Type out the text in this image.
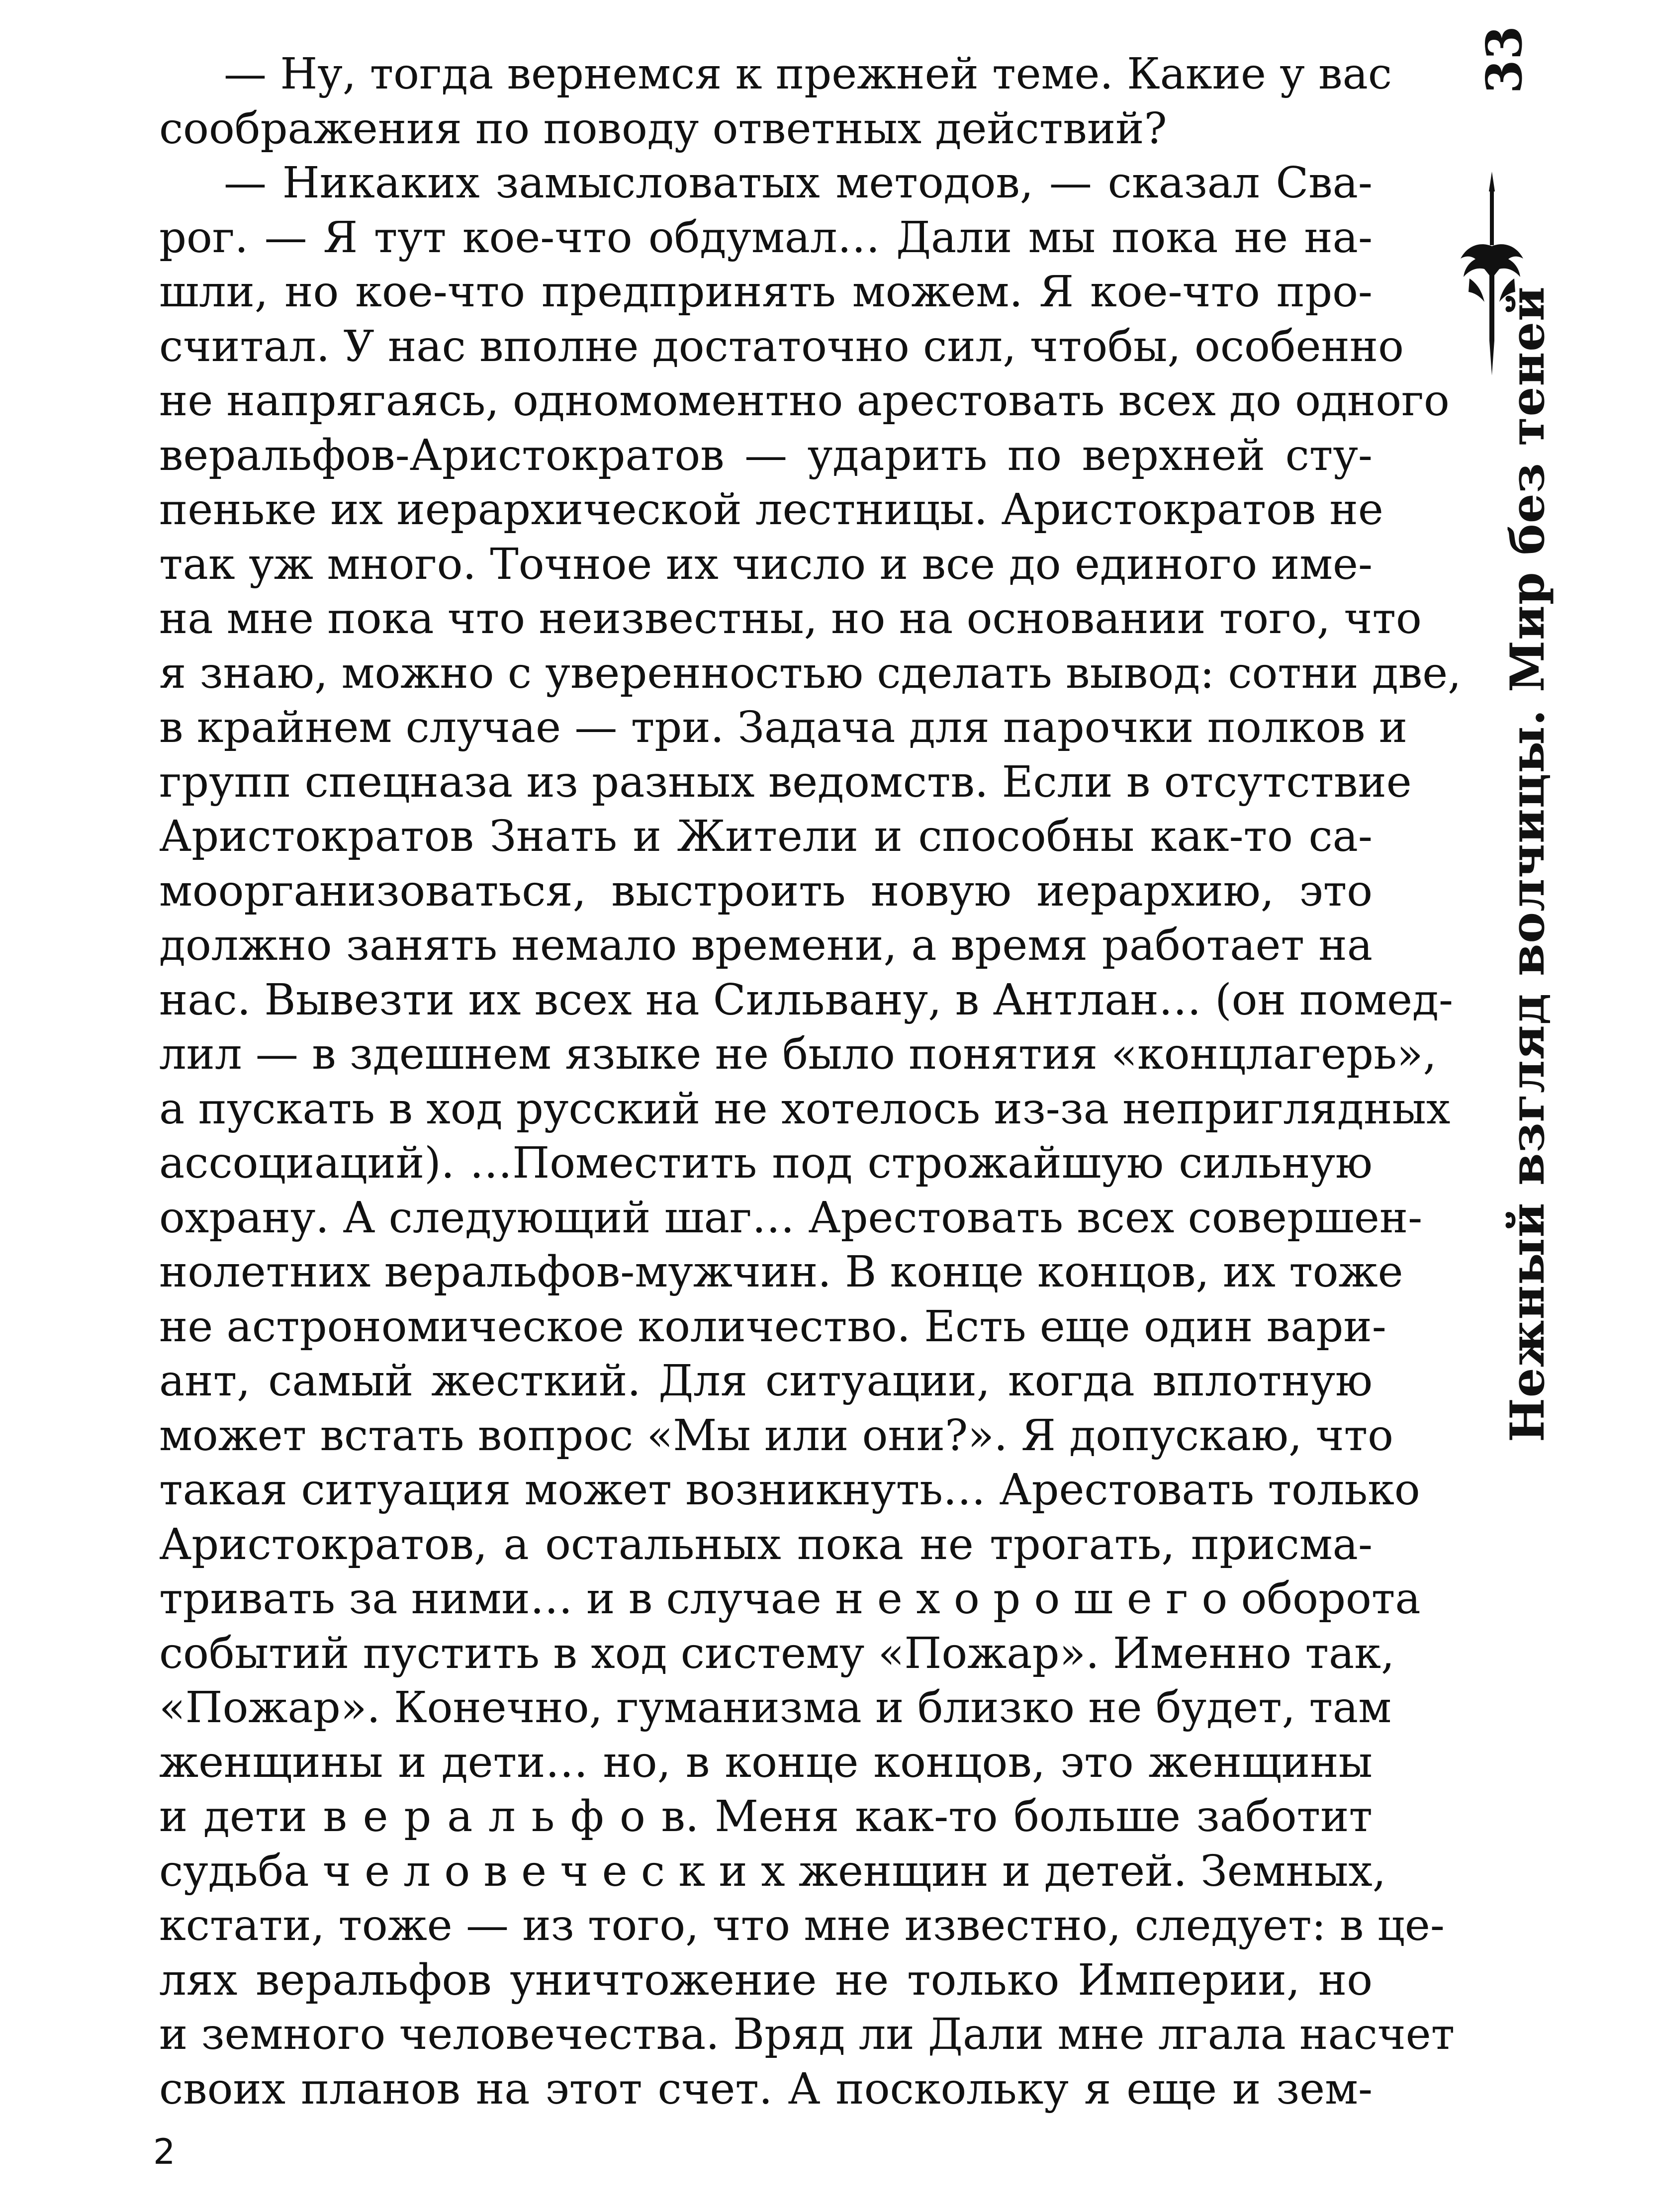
— Ну, тогда вернемся к прежней теме. Какие у вас
соображения по поводу ответных действий?
— Никаких замысловатых методов, — сказал Сва-
рог. — Я тут кое-что обдумал… Дали мы пока не на-
шли, но кое-что предпринять можем. Я кое-что про-
считал. У нас вполне достаточно сил, чтобы, особенно
не напрягаясь, одномоментно арестовать всех до одного
веральфов-Аристократов — ударить по верхней сту-
пеньке их иерархической лестницы. Аристократов не
так уж много. Точное их число и все до единого име-
на мне пока что неизвестны, но на основании того, что
я знаю, можно с уверенностью сделать вывод: сотни две,
в крайнем случае — три. Задача для парочки полков и
групп спецназа из разных ведомств. Если в отсутствие
Аристократов Знать и Жители и способны как-то са-
моорганизоваться, выстроить новую иерархию, это
должно занять немало времени, а время работает на
нас. Вывезти их всех на Сильвану, в Антлан… (он помед-
лил — в здешнем языке не было понятия «концлагерь»,
а пускать в ход русский не хотелось из-за неприглядных
ассоциаций). …Поместить под строжайшую сильную
охрану. А следующий шаг… Арестовать всех совершен-
нолетних веральфов-мужчин. В конце концов, их тоже
не астрономическое количество. Есть еще один вари-
ант, самый жесткий. Для ситуации, когда вплотную
может встать вопрос «Мы или они?». Я допускаю, что
такая ситуация может возникнуть… Арестовать только
Аристократов, а остальных пока не трогать, присма-
тривать за ними… и в случае н е х о р о ш е г о оборота
событий пустить в ход систему «Пожар». Именно так,
«Пожар». Конечно, гуманизма и близко не будет, там
женщины и дети… но, в конце концов, это женщины
и дети в е р а л ь ф о в. Меня как-то больше заботит
судьба ч е л о в е ч е с к и х женщин и детей. Земных,
кстати, тоже — из того, что мне известно, следует: в це-
лях веральфов уничтожение не только Империи, но
и земного человечества. Вряд ли Дали мне лгала насчет
своих планов на этот счет. А поскольку я еще и зем-
33
Нежный взгляд волчицы. Мир без теней
2
